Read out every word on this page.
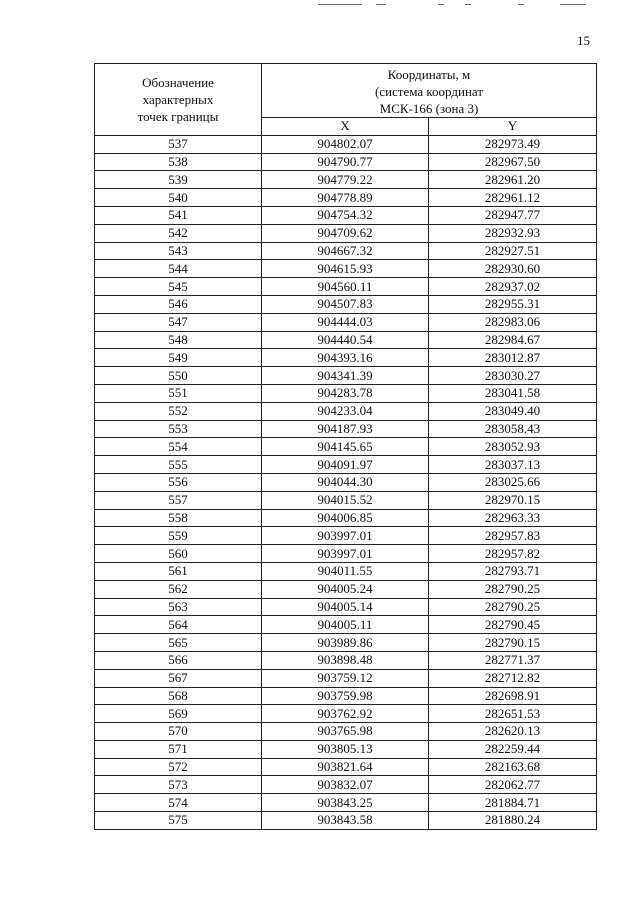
15
Обозначение
характерных
точек границы	Координаты, м
(система координат
МСК-166 (зона 3)	

	X	Y
537	904802.07	282973.49
538	904790.77	282967.50
539	904779.22	282961.20
540	904778.89	282961.12
541	904754.32	282947.77
542	904709.62	282932.93
543	904667.32	282927.51
544	904615.93	282930.60
545	904560.11	282937.02
546	904507.83	282955.31
547	904444.03	282983.06
548	904440.54	282984.67
549	904393.16	283012.87
550	904341.39	283030.27
551	904283.78	283041.58
552	904233.04	283049.40
553	904187.93	283058.43
554	904145.65	283052.93
555	904091.97	283037.13
556	904044.30	283025.66
557	904015.52	282970.15
558	904006.85	282963.33
559	903997.01	282957.83
560	903997.01	282957.82
561	904011.55	282793.71
562	904005.24	282790.25
563	904005.14	282790.25
564	904005.11	282790.45
565	903989.86	282790.15
566	903898.48	282771.37
567	903759.12	282712.82
568	903759.98	282698.91
569	903762.92	282651.53
570	903765.98	282620.13
571	903805.13	282259.44
572	903821.64	282163.68
573	903832.07	282062.77
574	903843.25	281884.71
575	903843.58	281880.24
